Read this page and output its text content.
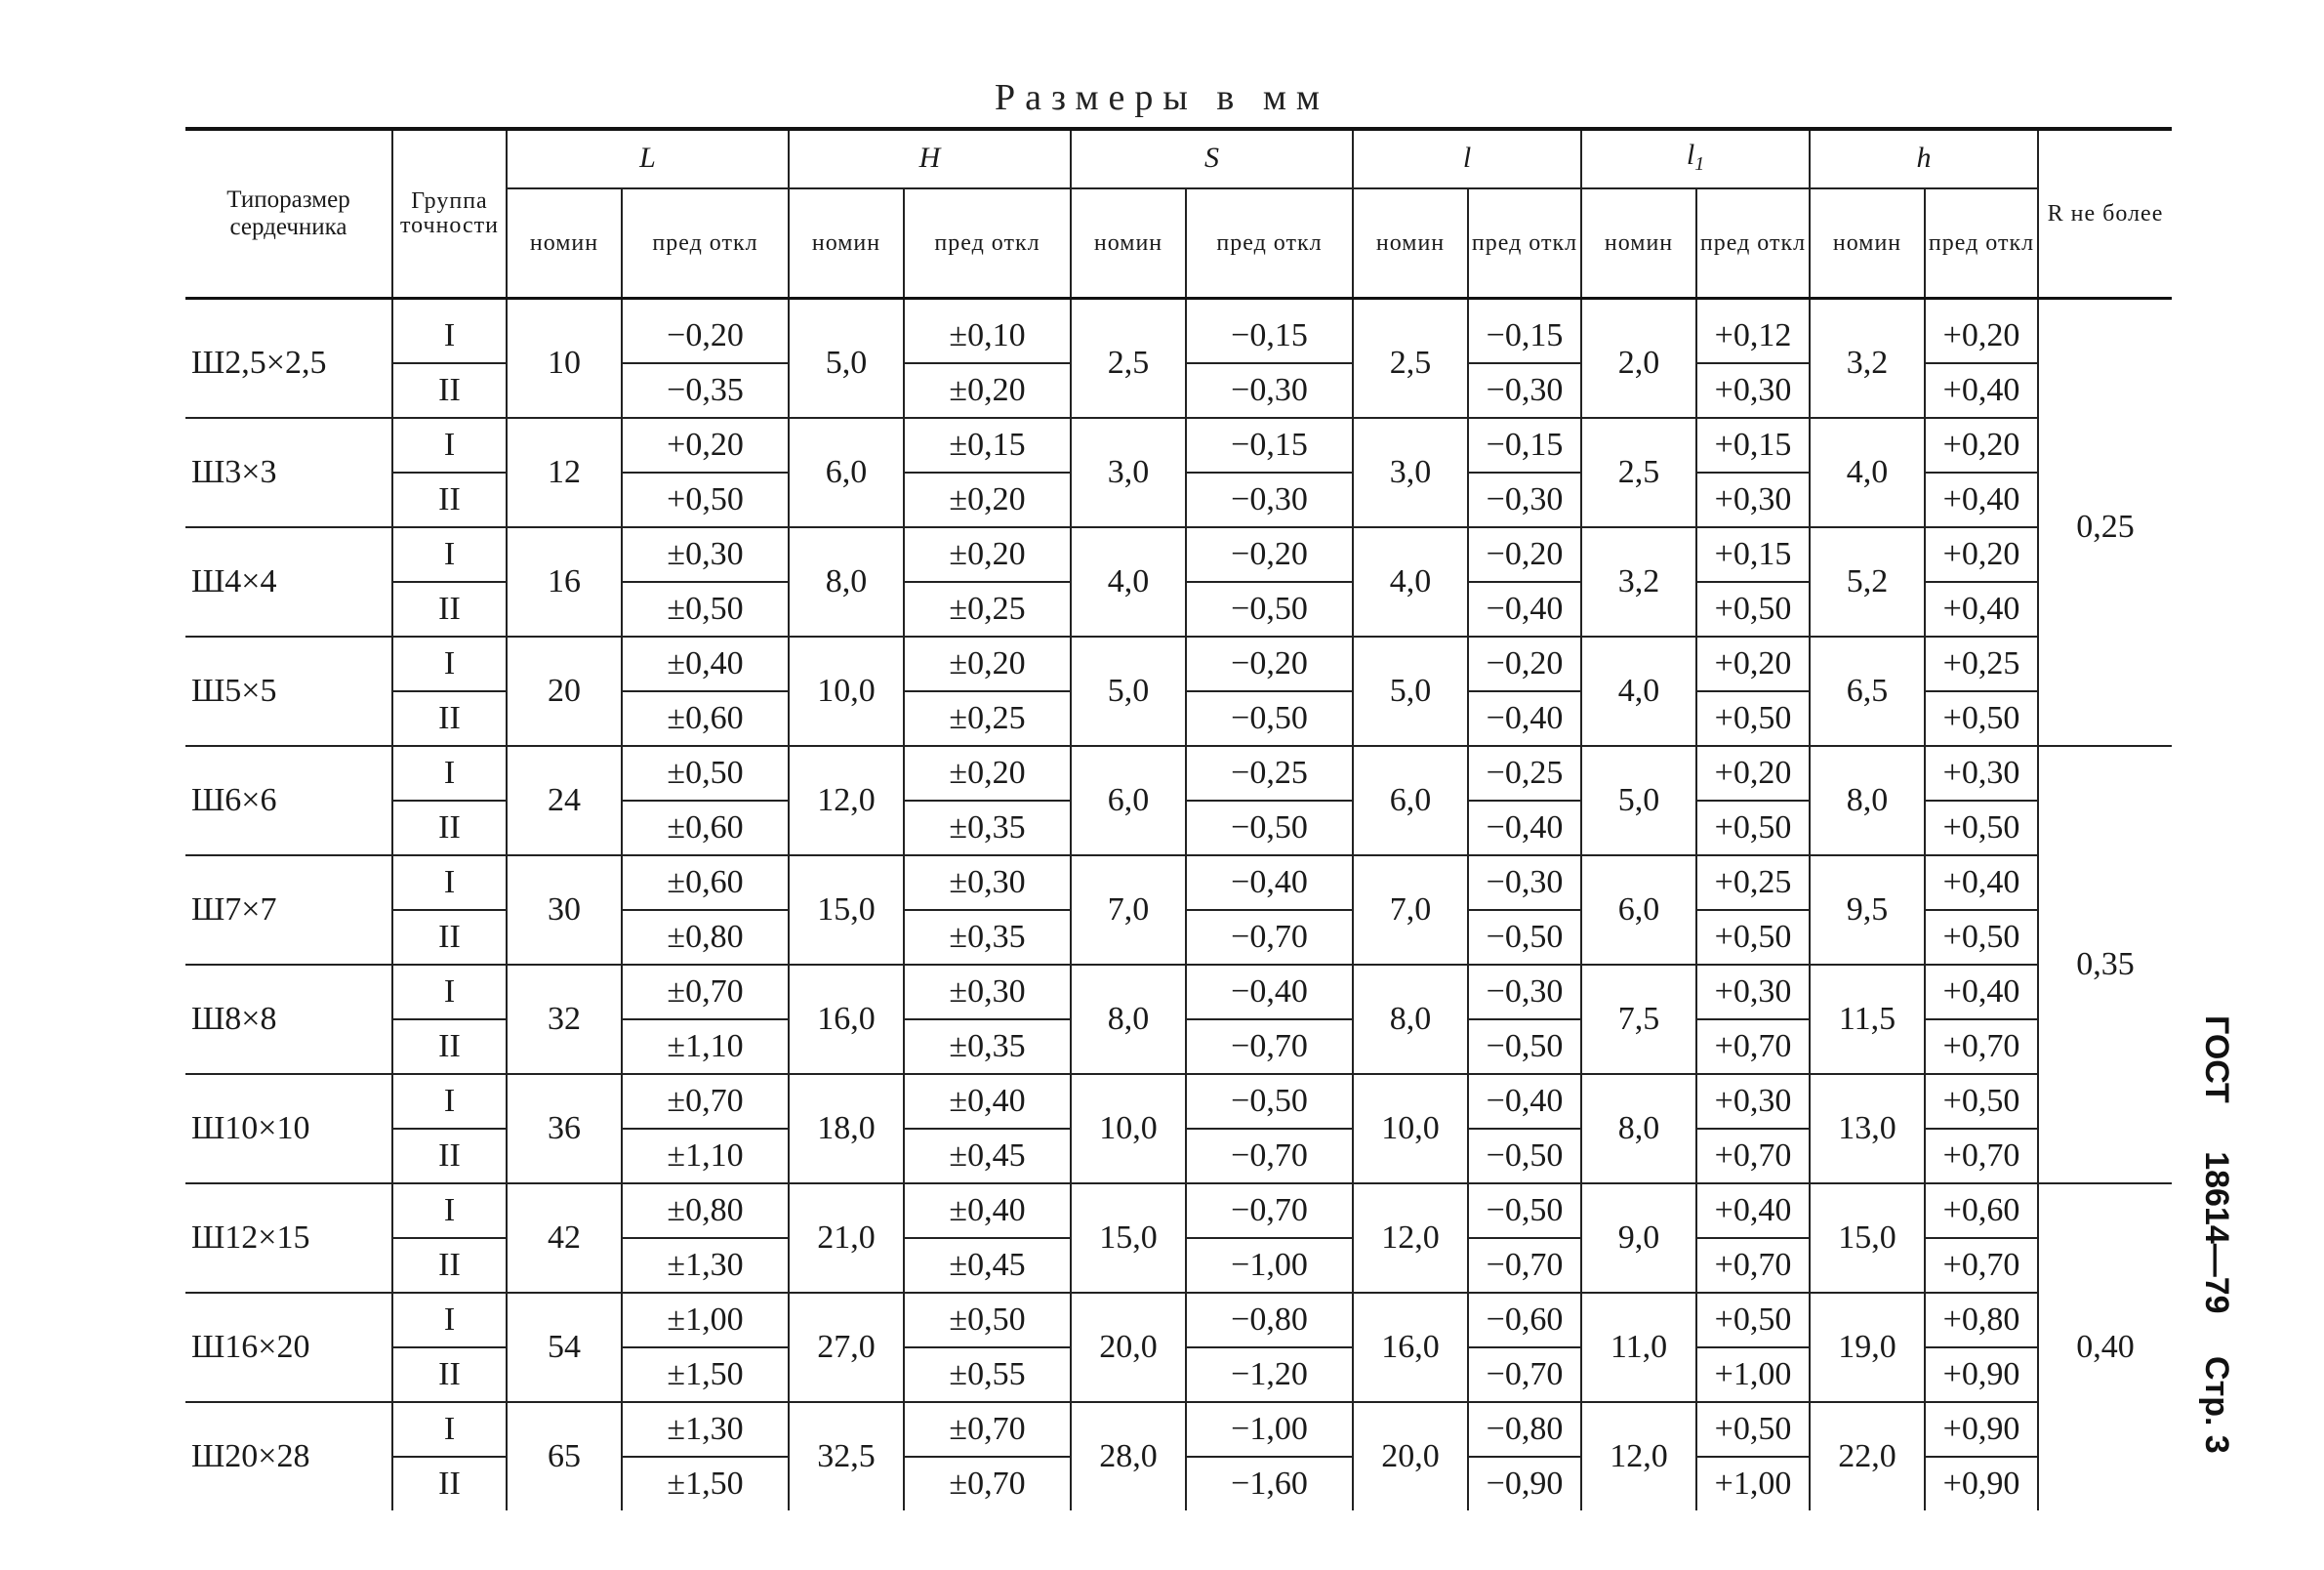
Размеры в мм
Типоразмер сердечника	Группа точности	L		H		S		l		$l_1$		h		R не более
		номин	пред откл	номин	пред откл	номин	пред откл	номин	пред откл	номин	пред откл	номин	пред откл	
Ш2,5×2,5	I	10	−0,20	5,0	±0,10	2,5	−0,15	2,5	−0,15	2,0	+0,12	3,2	+0,20	0,25
	II		−0,35		±0,20		−0,30		−0,30		+0,30		+0,40	
Ш3×3	I	12	+0,20	6,0	±0,15	3,0	−0,15	3,0	−0,15	2,5	+0,15	4,0	+0,20	
	II		+0,50		±0,20		−0,30		−0,30		+0,30		+0,40	
Ш4×4	I	16	±0,30	8,0	±0,20	4,0	−0,20	4,0	−0,20	3,2	+0,15	5,2	+0,20	
	II		±0,50		±0,25		−0,50		−0,40		+0,50		+0,40	
Ш5×5	I	20	±0,40	10,0	±0,20	5,0	−0,20	5,0	−0,20	4,0	+0,20	6,5	+0,25	
	II		±0,60		±0,25		−0,50		−0,40		+0,50		+0,50	
Ш6×6	I	24	±0,50	12,0	±0,20	6,0	−0,25	6,0	−0,25	5,0	+0,20	8,0	+0,30	0,35
	II		±0,60		±0,35		−0,50		−0,40		+0,50		+0,50	
Ш7×7	I	30	±0,60	15,0	±0,30	7,0	−0,40	7,0	−0,30	6,0	+0,25	9,5	+0,40	
	II		±0,80		±0,35		−0,70		−0,50		+0,50		+0,50	
Ш8×8	I	32	±0,70	16,0	±0,30	8,0	−0,40	8,0	−0,30	7,5	+0,30	11,5	+0,40	
	II		±1,10		±0,35		−0,70		−0,50		+0,70		+0,70	
Ш10×10	I	36	±0,70	18,0	±0,40	10,0	−0,50	10,0	−0,40	8,0	+0,30	13,0	+0,50	
	II		±1,10		±0,45		−0,70		−0,50		+0,70		+0,70	
Ш12×15	I	42	±0,80	21,0	±0,40	15,0	−0,70	12,0	−0,50	9,0	+0,40	15,0	+0,60	0,40
	II		±1,30		±0,45		−1,00		−0,70		+0,70		+0,70	
Ш16×20	I	54	±1,00	27,0	±0,50	20,0	−0,80	16,0	−0,60	11,0	+0,50	19,0	+0,80	
	II		±1,50		±0,55		−1,20		−0,70		+1,00		+0,90	
Ш20×28	I	65	±1,30	32,5	±0,70	28,0	−1,00	20,0	−0,80	12,0	+0,50	22,0	+0,90	
	II		±1,50		±0,70		−1,60		−0,90		+1,00		+0,90	
ГОСТ 18614—79 Стр. 3
